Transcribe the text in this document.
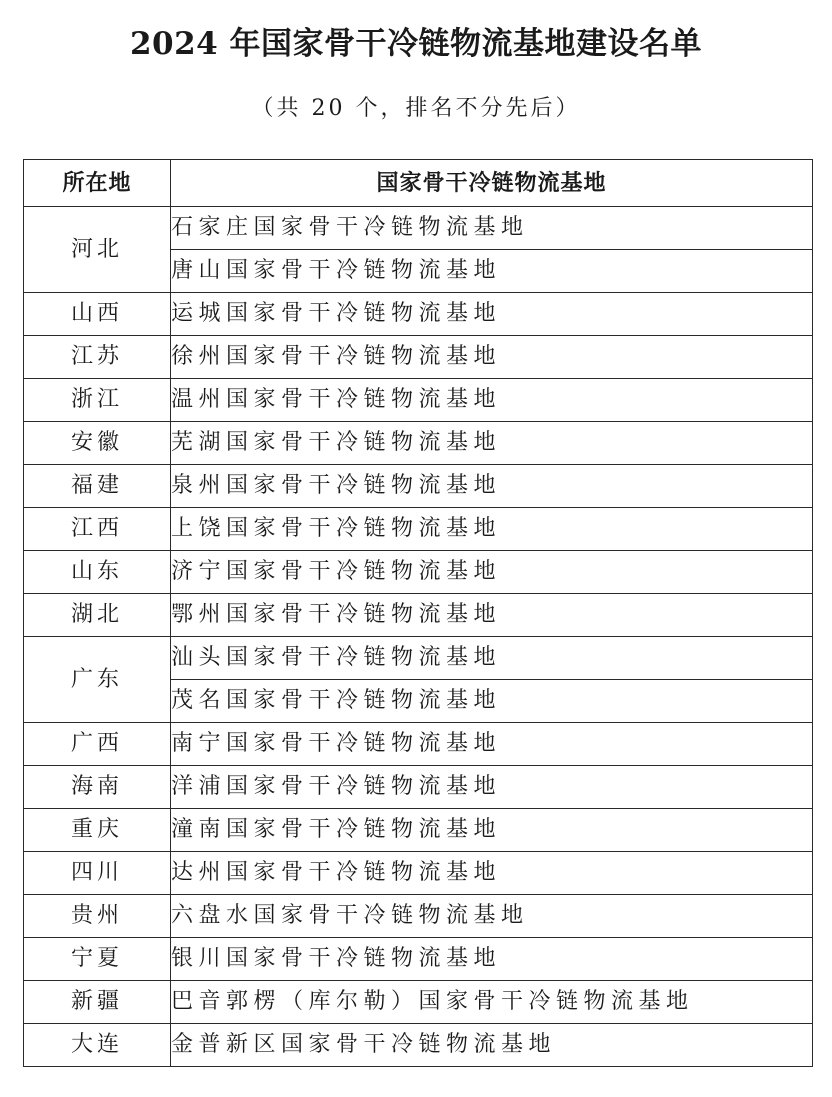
2024 年国家骨干冷链物流基地建设名单
（共 20 个，排名不分先后）
所在地	国家骨干冷链物流基地
河北	石家庄国家骨干冷链物流基地
	唐山国家骨干冷链物流基地
山西	运城国家骨干冷链物流基地
江苏	徐州国家骨干冷链物流基地
浙江	温州国家骨干冷链物流基地
安徽	芜湖国家骨干冷链物流基地
福建	泉州国家骨干冷链物流基地
江西	上饶国家骨干冷链物流基地
山东	济宁国家骨干冷链物流基地
湖北	鄂州国家骨干冷链物流基地
广东	汕头国家骨干冷链物流基地
	茂名国家骨干冷链物流基地
广西	南宁国家骨干冷链物流基地
海南	洋浦国家骨干冷链物流基地
重庆	潼南国家骨干冷链物流基地
四川	达州国家骨干冷链物流基地
贵州	六盘水国家骨干冷链物流基地
宁夏	银川国家骨干冷链物流基地
新疆	巴音郭楞（库尔勒）国家骨干冷链物流基地
大连	金普新区国家骨干冷链物流基地
